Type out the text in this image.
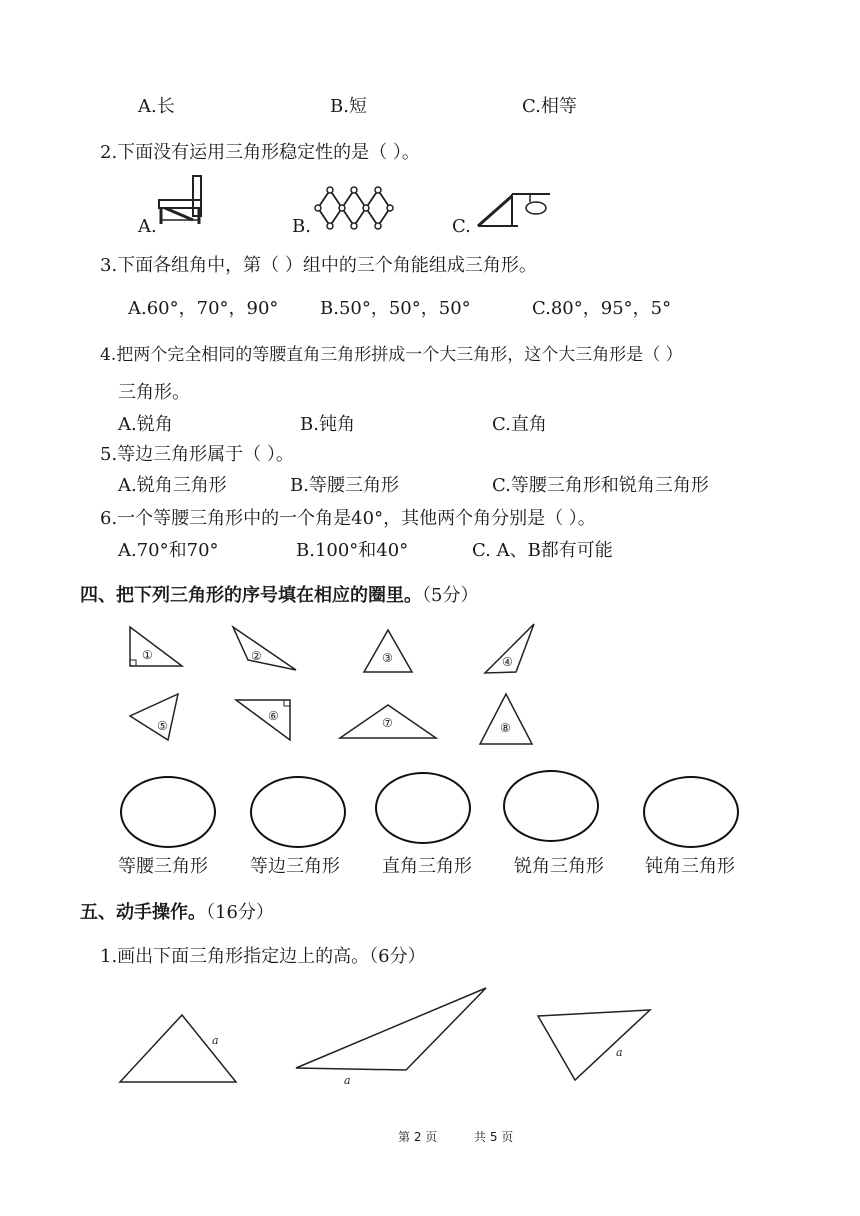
A.长	B.短	C.相等
2.下面没有运用三角形稳定性的是（ ）。
A.	B.	C.
3.下面各组角中，第（ ）组中的三个角能组成三角形。
A.60°，70°，90° B.50°，50°，50°	C.80°，95°，5°
4.把两个完全相同的等腰直角三角形拼成一个大三角形，这个大三角形是（ ）
三角形。
A.锐角	B.钝角	C.直角
5.等边三角形属于（ ）。
A.锐角三角形	B.等腰三角形	C.等腰三角形和锐角三角形
6.一个等腰三角形中的一个角是40°，其他两个角分别是（ ）。
A.70°和70°	B.100°和40°	C. A、B都有可能
四、把下列三角形的序号填在相应的圈里。（5分）
①	②	③	④
⑤
⑥	⑦	⑧
等腰三角形 等边三角形 直角三角形 锐角三角形 钝角三角形
五、动手操作。（16分）
1.画出下面三角形指定边上的高。（6分）
a
a
a
第 2 页	共 5 页
